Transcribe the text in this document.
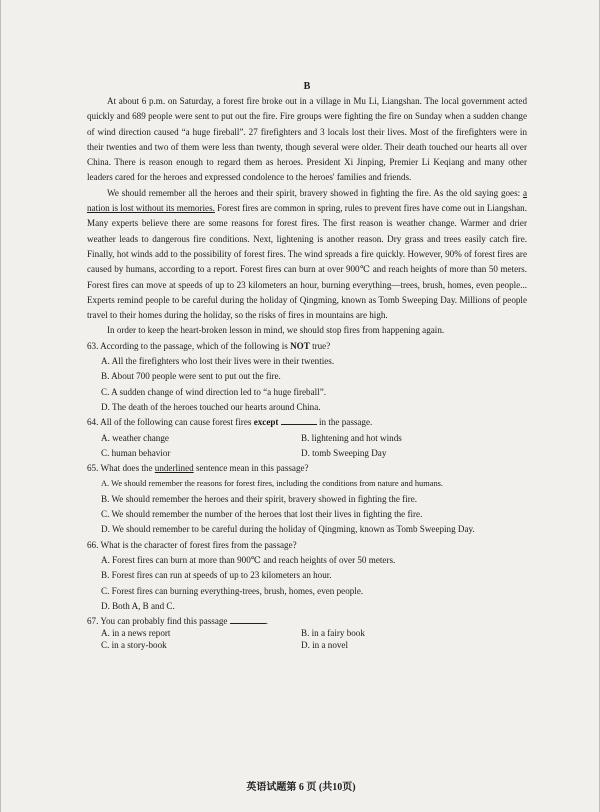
B

At about 6 p.m. on Saturday, a forest fire broke out in a village in Mu Li, Liangshan. The local government acted quickly and 689 people were sent to put out the fire. Fire groups were fighting the fire on Sunday when a sudden change of wind direction caused “a huge fireball”. 27 firefighters and 3 locals lost their lives. Most of the firefighters were in their twenties and two of them were less than twenty, though several were older. Their death touched our hearts all over China. There is reason enough to regard them as heroes. President Xi Jinping, Premier Li Keqiang and many other leaders cared for the heroes and expressed condolence to the heroes' families and friends.

We should remember all the heroes and their spirit, bravery showed in fighting the fire. As the old saying goes: a nation is lost without its memories. Forest fires are common in spring, rules to prevent fires have come out in Liangshan. Many experts believe there are some reasons for forest fires. The first reason is weather change. Warmer and drier weather leads to dangerous fire conditions. Next, lightening is another reason. Dry grass and trees easily catch fire. Finally, hot winds add to the possibility of forest fires. The wind spreads a fire quickly. However, 90% of forest fires are caused by humans, according to a report. Forest fires can burn at over 900℃ and reach heights of more than 50 meters. Forest fires can move at speeds of up to 23 kilometers an hour, burning everything—trees, brush, homes, even people... Experts remind people to be careful during the holiday of Qingming, known as Tomb Sweeping Day. Millions of people travel to their homes during the holiday, so the risks of fires in mountains are high.

In order to keep the heart-broken lesson in mind, we should stop fires from happening again.

63. According to the passage, which of the following is NOT true?

A. All the firefighters who lost their lives were in their twenties.

B. About 700 people were sent to put out the fire.

C. A sudden change of wind direction led to “a huge fireball”.

D. The death of the heroes touched our hearts around China.

64. All of the following can cause forest fires except	in the passage.

A. weather change	B. lightening and hot winds
C. human behavior	D. tomb Sweeping Day

65. What does the underlined sentence mean in this passage?

A. We should remember the reasons for forest fires, including the conditions from nature and humans.

B. We should remember the heroes and their spirit, bravery showed in fighting the fire.

C. We should remember the number of the heroes that lost their lives in fighting the fire.

D. We should remember to be careful during the holiday of Qingming, known as Tomb Sweeping Day.

66. What is the character of forest fires from the passage?

A. Forest fires can burn at more than 900℃ and reach heights of over 50 meters.

B. Forest fires can run at speeds of up to 23 kilometers an hour.

C. Forest fires can burning everything-trees, brush, homes, even people.

D. Both A, B and C.

67. You can probably find this passage	.

A. in a news report	B. in a fairy book
C. in a story-book	D. in a novel
英语试题第 6 页 (共10页)
